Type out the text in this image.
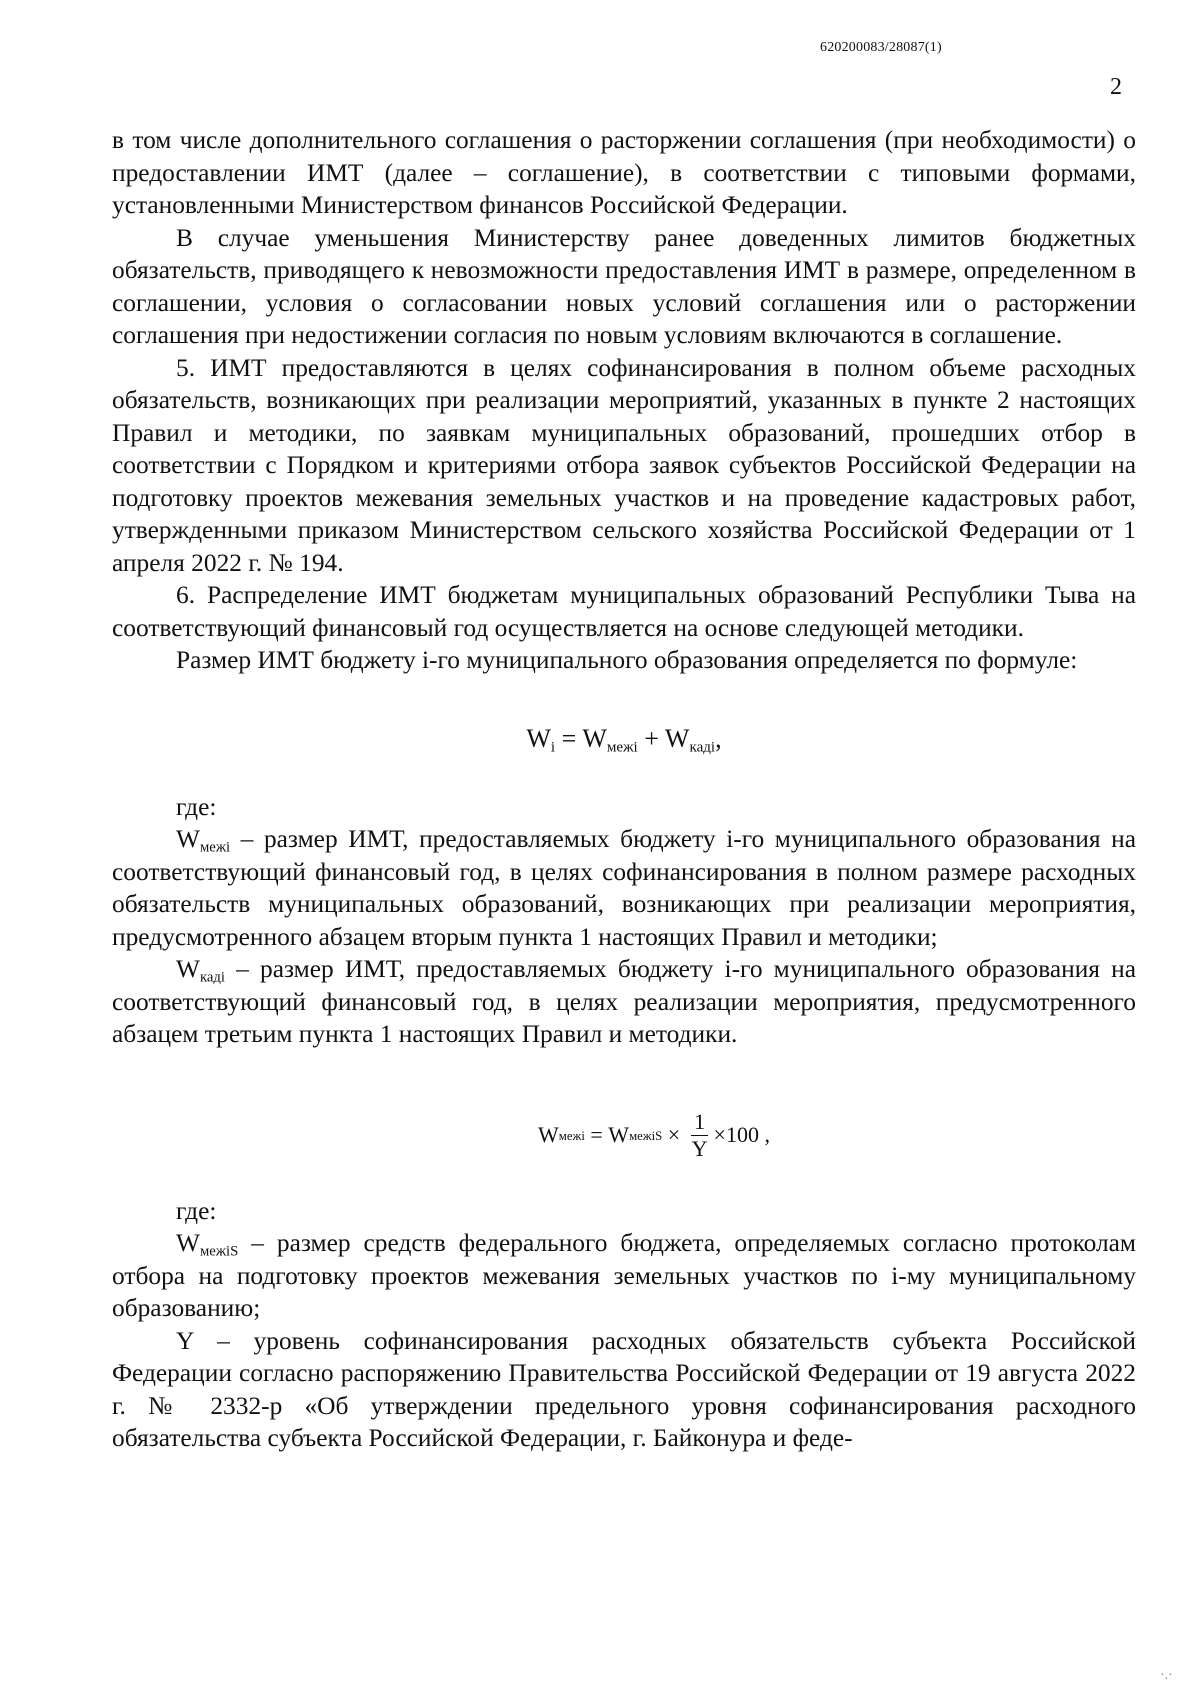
620200083/28087(1)
2

в том числе дополнительного соглашения о расторжении соглашения (при необходимости) о предоставлении ИМТ (далее – соглашение), в соответствии с типовыми формами, установленными Министерством финансов Российской Федерации.

В случае уменьшения Министерству ранее доведенных лимитов бюджетных обязательств, приводящего к невозможности предоставления ИМТ в размере, определенном в соглашении, условия о согласовании новых условий соглашения или о расторжении соглашения при недостижении согласия по новым условиям включаются в соглашение.

5. ИМТ предоставляются в целях софинансирования в полном объеме расходных обязательств, возникающих при реализации мероприятий, указанных в пункте 2 настоящих Правил и методики, по заявкам муниципальных образований, прошедших отбор в соответствии с Порядком и критериями отбора заявок субъектов Российской Федерации на подготовку проектов межевания земельных участков и на проведение кадастровых работ, утвержденными приказом Министерством сельского хозяйства Российской Федерации от 1 апреля 2022 г. № 194.

6. Распределение ИМТ бюджетам муниципальных образований Республики Тыва на соответствующий финансовый год осуществляется на основе следующей методики.

Размер ИМТ бюджету i-го муниципального образования определяется по формуле:

$W_i = W_{межi} + W_{кадi}$,

где:

$W_{межi}$ – размер ИМТ, предоставляемых бюджету i-го муниципального образования на соответствующий финансовый год, в целях софинансирования в полном размере расходных обязательств муниципальных образований, возникающих при реализации мероприятия, предусмотренного абзацем вторым пункта 1 настоящих Правил и методики;

$W_{кадi}$ – размер ИМТ, предоставляемых бюджету i-го муниципального образования на соответствующий финансовый год, в целях реализации мероприятия, предусмотренного абзацем третьим пункта 1 настоящих Правил и методики.

W межi = W межiS × $\frac{1}{Y} \times 100$ ,

где:

$W_{межiS}$ – размер средств федерального бюджета, определяемых согласно протоколам отбора на подготовку проектов межевания земельных участков по i-му муниципальному образованию;

Y – уровень софинансирования расходных обязательств субъекта Российской Федерации согласно распоряжению Правительства Российской Федерации от 19 августа 2022 г. № 2332-р «Об утверждении предельного уровня софинансирования расходного обязательства субъекта Российской Федерации, г. Байконура и феде-

·.·
